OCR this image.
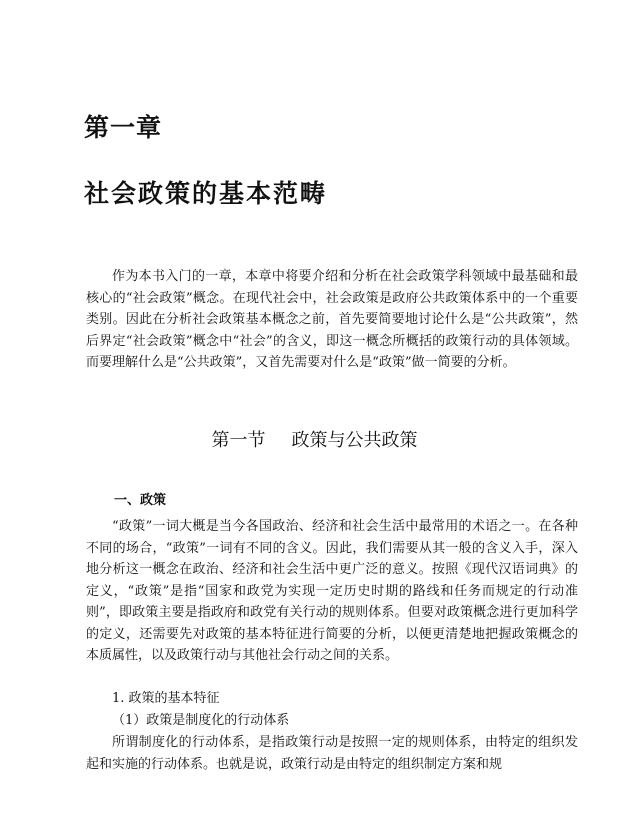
第一章
社会政策的基本范畴

作为本书入门的一章，本章中将要介绍和分析在社会政策学科领域中最基础和最核心的“社会政策”概念。在现代社会中，社会政策是政府公共政策体系中的一个重要类别。因此在分析社会政策基本概念之前，首先要简要地讨论什么是“公共政策”，然后界定“社会政策”概念中“社会”的含义，即这一概念所概括的政策行动的具体领域。而要理解什么是“公共政策”，又首先需要对什么是“政策”做一简要的分析。

第一节 政策与公共政策
一、政策

“政策”一词大概是当今各国政治、经济和社会生活中最常用的术语之一。在各种不同的场合，“政策”一词有不同的含义。因此，我们需要从其一般的含义入手，深入地分析这一概念在政治、经济和社会生活中更广泛的意义。按照《现代汉语词典》的定义，“政策”是指“国家和政党为实现一定历史时期的路线和任务而规定的行动准则”，即政策主要是指政府和政党有关行动的规则体系。但要对政策概念进行更加科学的定义，还需要先对政策的基本特征进行简要的分析，以便更清楚地把握政策概念的本质属性，以及政策行动与其他社会行动之间的关系。

1. 政策的基本特征

（1）政策是制度化的行动体系

所谓制度化的行动体系，是指政策行动是按照一定的规则体系，由特定的组织发起和实施的行动体系。也就是说，政策行动是由特定的组织制定方案和规
